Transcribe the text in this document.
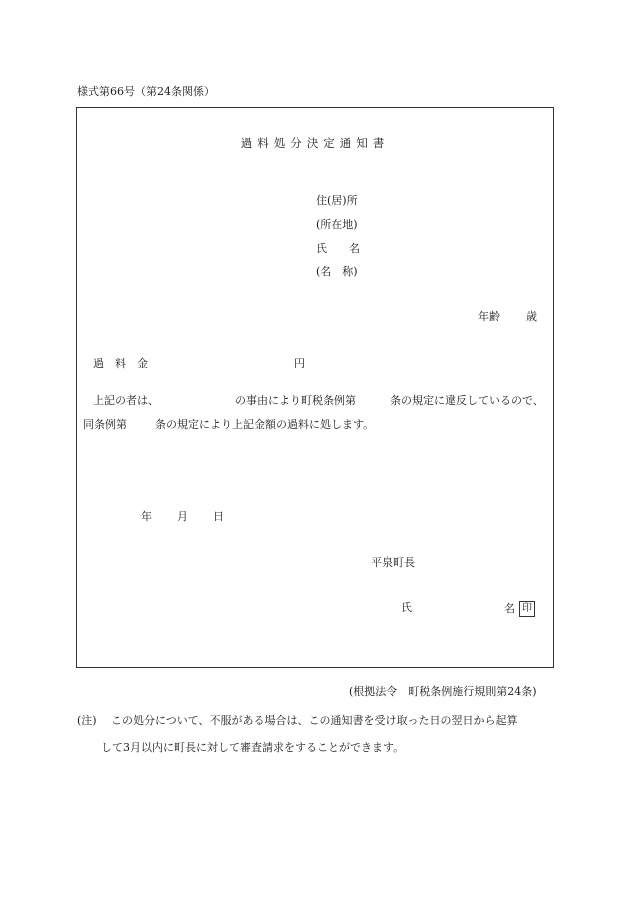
様式第66号（第24条関係）
過料処分決定通知書
住(居)所
(所在地)
氏　　名
(名　称)
年齢 歳
過　料　金	円
上記の者は、	の事由により町税条例第	条の規定に違反しているので、
同条例第	条の規定により上記金額の過料に処します。
年 月 日
平泉町長
氏	名 印
(根拠法令　町税条例施行規則第24条)
(注) この処分について、不服がある場合は、この通知書を受け取った日の翌日から起算
して3月以内に町長に対して審査請求をすることができます。
